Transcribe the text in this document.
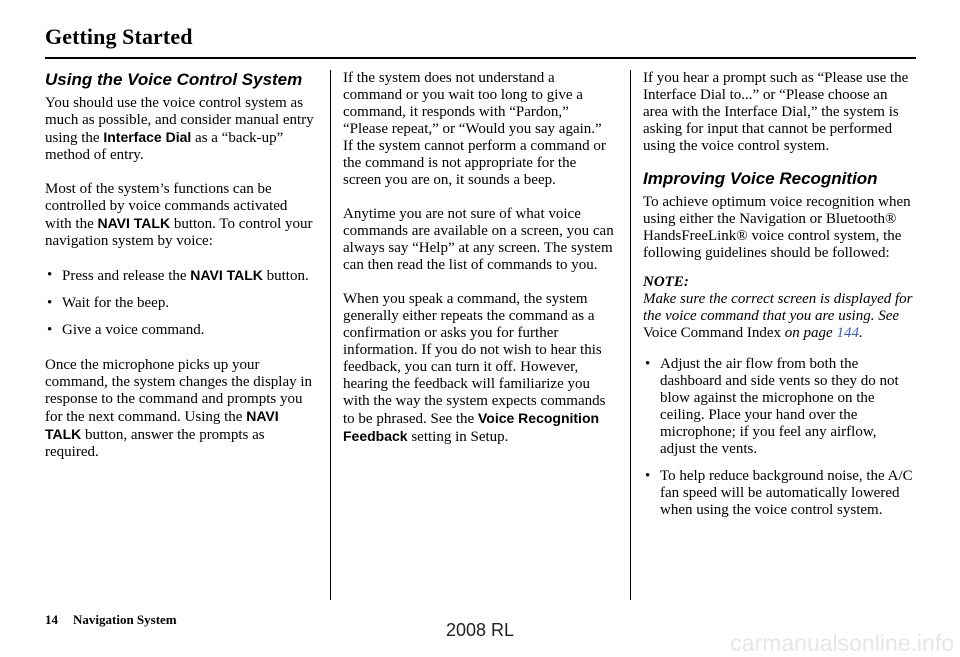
Getting Started
Using the Voice Control System

You should use the voice control system as much as possible, and consider manual entry using the Interface Dial as a “back-up” method of entry.

Most of the system’s functions can be controlled by voice commands activated with the NAVI TALK button. To control your navigation system by voice:

• Press and release the NAVI TALK button.
• Wait for the beep.
• Give a voice command.

Once the microphone picks up your command, the system changes the display in response to the command and prompts you for the next command. Using the NAVI TALK button, answer the prompts as required.

If the system does not understand a command or you wait too long to give a command, it responds with “Pardon,” “Please repeat,” or “Would you say again.” If the system cannot perform a command or the command is not appropriate for the screen you are on, it sounds a beep.

Anytime you are not sure of what voice commands are available on a screen, you can always say “Help” at any screen. The system can then read the list of commands to you.

When you speak a command, the system generally either repeats the command as a confirmation or asks you for further information. If you do not wish to hear this feedback, you can turn it off. However, hearing the feedback will familiarize you with the way the system expects commands to be phrased. See the Voice Recognition Feedback setting in Setup.

If you hear a prompt such as “Please use the Interface Dial to...” or “Please choose an area with the Interface Dial,” the system is asking for input that cannot be performed using the voice control system.

Improving Voice Recognition

To achieve optimum voice recognition when using either the Navigation or Bluetooth® HandsFreeLink® voice control system, the following guidelines should be followed:

NOTE:

Make sure the correct screen is displayed for the voice command that you are using. See Voice Command Index on page 144.

• Adjust the air flow from both the dashboard and side vents so they do not blow against the microphone on the ceiling. Place your hand over the microphone; if you feel any airflow, adjust the vents.
• To help reduce background noise, the A/C fan speed will be automatically lowered when using the voice control system.
14 Navigation System
2008 RL	carmanualsonline.info
